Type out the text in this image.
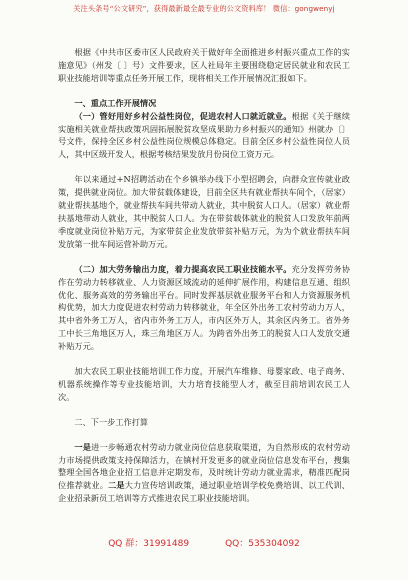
关注头条号“公文研究”，获得最新最全最专业的公文资料库！ 微信：gongwenyj

根据《中共市区委市区人民政府关于做好年全面推进乡村振兴重点工作的实施意见》（州发〔 〕号）文件要求，区人社局年主要围绕稳定居民就业和农民工职业技能培训等重点任务开展工作，现将相关工作开展情况汇报如下。

一、重点工作开展情况

（一）管好用好乡村公益性岗位，促进农村人口就近就业。根据《关于继续实施相关就业帮扶政策巩固拓展脱贫攻坚成果助力乡村振兴的通知》州就办〔〕号文件，保持全区乡村公益性岗位规模总体稳定。目前全区乡村公益性岗位人员人，其中区级开发人，根据考核结果发放月份岗位工资万元。

年以来通过+N招聘活动在个乡镇举办线下小型招聘会，向群众宣传就业政策，提供就业岗位。加大带贫载体建设，目前全区共有就业帮扶车间个，（居家）就业帮扶基地个，就业帮扶车间共带动人就业，其中脱贫人口人。（居家）就业帮扶基地带动人就业，其中脱贫人口人。为在带贫载体就业的脱贫人口发放年前两季度就业岗位补贴万元，为家带贫企业发放带贫补贴万元，为为个就业帮扶车间发放第一批车间运营补助万元。

（二）加大劳务输出力度，着力提高农民工职业技能水平。充分发挥劳务协作在劳动力转移就业、人力资源区域流动的延伸扩展作用，构建信息互通、组织优化、服务高效的劳务输出平台。同时发挥基层就业服务平台和人力资源服务机构优势，加大力度促进农村劳动力转移就业，年全区外出务工农村劳动力万人，其中省外务工万人，省内市外务工万人，市内区外万人，其余区内务工。省外务工中长三角地区万人，珠三角地区万人。为跨省外出务工的脱贫人口人发放交通补贴万元。

加大农民工职业技能培训工作力度，开展汽车维修、母婴家政、电子商务、机器系统操作等专业技能培训，大力培育技能型人才，截至目前培训农民工人次。

二、下一步工作打算

一是进一步畅通农村劳动力就业岗位信息获取渠道，为自然形成的农村劳动力市场提供政策支持保障活力，在镇村开发更多的就业岗位信息发布平台，搜集整理全国各地企业招工信息并定期发布，及时统计劳动力就业需求，精准匹配岗位推荐就业。二是大力宣传培训政策，通过职业培训学校免费培训、以工代训、企业招录新员工培训等方式推进农民工职业技能培训。

QQ 群：31991489	QQ：535304092
